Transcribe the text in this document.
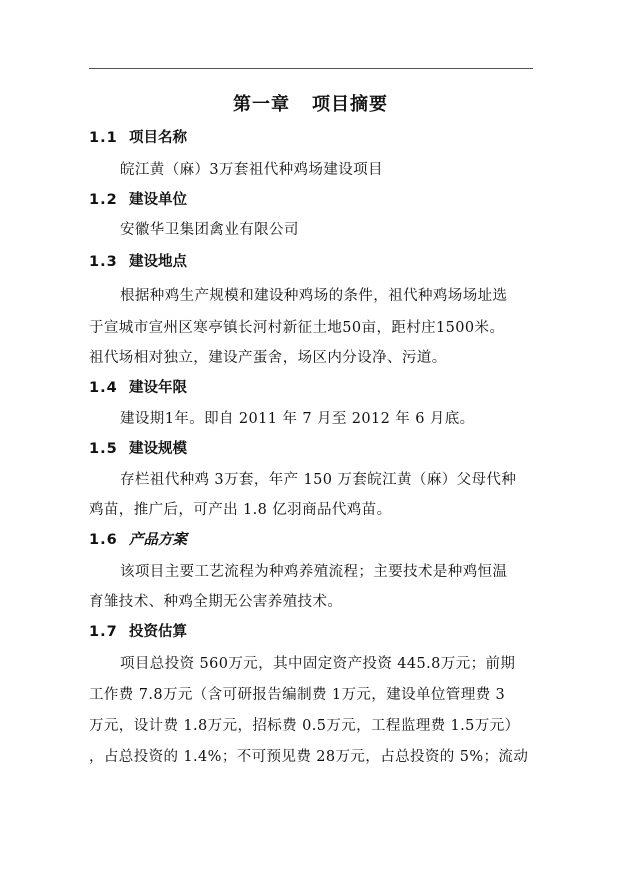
第一章 项目摘要
1.1 项目名称
皖江黄（麻）3万套祖代种鸡场建设项目
1.2 建设单位
安徽华卫集团禽业有限公司
1.3 建设地点
根据种鸡生产规模和建设种鸡场的条件，祖代种鸡场场址选
于宣城市宣州区寒亭镇长河村新征土地50亩，距村庄1500米。
祖代场相对独立，建设产蛋舍，场区内分设净、污道。
1.4 建设年限
建设期1年。即自 2011 年 7 月至 2012 年 6 月底。
1.5 建设规模
存栏祖代种鸡 3万套，年产 150 万套皖江黄（麻）父母代种
鸡苗，推广后，可产出 1.8 亿羽商品代鸡苗。
1.6 产品方案
该项目主要工艺流程为种鸡养殖流程；主要技术是种鸡恒温
育雏技术、种鸡全期无公害养殖技术。
1.7 投资估算
项目总投资 560万元，其中固定资产投资 445.8万元；前期
工作费 7.8万元（含可研报告编制费 1万元，建设单位管理费 3
万元，设计费 1.8万元，招标费 0.5万元，工程监理费 1.5万元）
，占总投资的 1.4%；不可预见费 28万元，占总投资的 5%；流动
